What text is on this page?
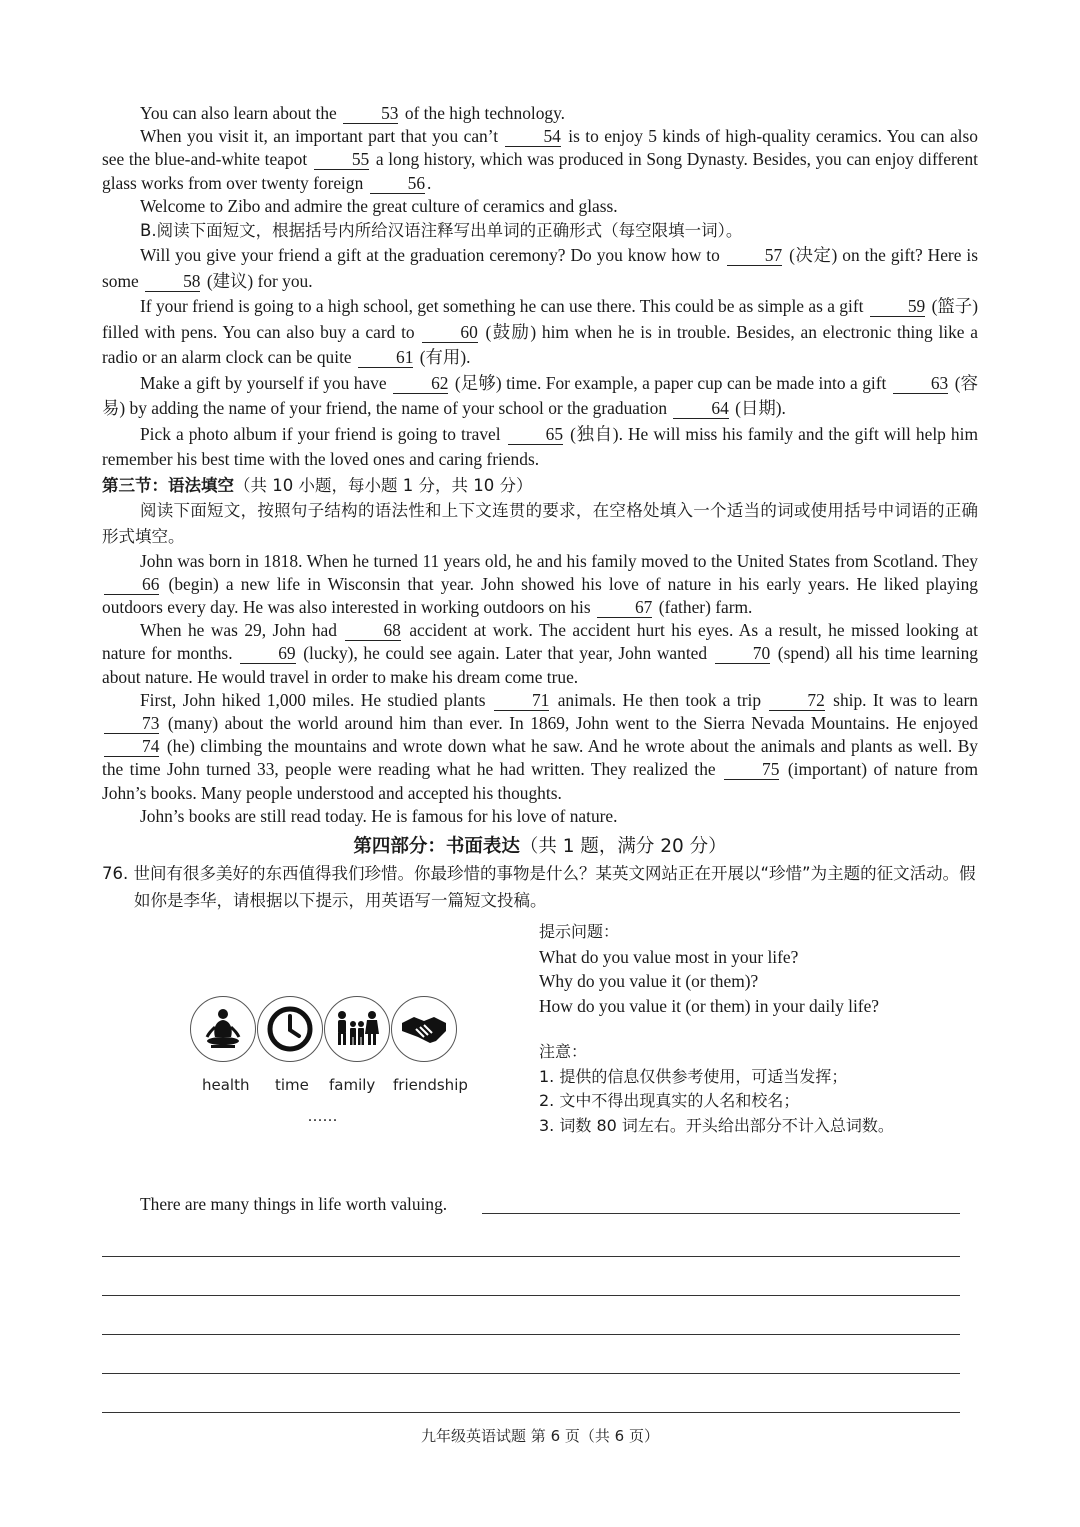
You can also learn about the	53 of the high technology.

When you visit it, an important part that you can’t	54 is to enjoy 5 kinds of high-quality ceramics. You can also see the blue-and-white teapot	55 a long history, which was produced in Song Dynasty. Besides, you can enjoy different glass works from over twenty foreign	56 .

Welcome to Zibo and admire the great culture of ceramics and glass.

B.阅读下面短文，根据括号内所给汉语注释写出单词的正确形式（每空限填一词）。

Will you give your friend a gift at the graduation ceremony? Do you know how to	57 (决定) on the gift? Here is some	58 (建议) for you.

If your friend is going to a high school, get something he can use there. This could be as simple as a gift	59 (篮子) filled with pens. You can also buy a card to	60 (鼓励) him when he is in trouble. Besides, an electronic thing like a radio or an alarm clock can be quite	61 (有用).

Make a gift by yourself if you have	62 (足够) time. For example, a paper cup can be made into a gift	63 (容易) by adding the name of your friend, the name of your school or the graduation	64 (日期).

Pick a photo album if your friend is going to travel	65 (独自). He will miss his family and the gift will help him remember his best time with the loved ones and caring friends.

第三节：语法填空（共 10 小题，每小题 1 分，共 10 分）

阅读下面短文，按照句子结构的语法性和上下文连贯的要求，在空格处填入一个适当的词或使用括号中词语的正确形式填空。

John was born in 1818. When he turned 11 years old, he and his family moved to the United States from Scotland. They 66 (begin) a new life in Wisconsin that year. John showed his love of nature in his early years. He liked playing outdoors every day. He was also interested in working outdoors on his	67 (father) farm.

When he was 29, John had	68 accident at work. The accident hurt his eyes. As a result, he missed looking at nature for months.	69 (lucky), he could see again. Later that year, John wanted	70 (spend) all his time learning about nature. He would travel in order to make his dream come true.

First, John hiked 1,000 miles. He studied plants	71 animals. He then took a trip	72 ship. It was to learn 73 (many) about the world around him than ever. In 1869, John went to the Sierra Nevada Mountains. He enjoyed 74 (he) climbing the mountains and wrote down what he saw. And he wrote about the animals and plants as well. By the time John turned 33, people were reading what he had written. They realized the	75 (important) of nature from John’s books. Many people understood and accepted his thoughts.

John’s books are still read today. He is famous for his love of nature.

第四部分：书面表达（共 1 题，满分 20 分）

76. 世间有很多美好的东西值得我们珍惜。你最珍惜的事物是什么？某英文网站正在开展以“珍惜”为主题的征文活动。假如你是李华，请根据以下提示，用英语写一篇短文投稿。

health time family friendship
......
提示问题：
What do you value most in your life?
Why do you value it (or them)?
How do you value it (or them) in your daily life?
注意：
1. 提供的信息仅供参考使用，可适当发挥；
2. 文中不得出现真实的人名和校名；
3. 词数 80 词左右。开头给出部分不计入总词数。
There are many things in life worth valuing.
九年级英语试题 第 6 页（共 6 页）
